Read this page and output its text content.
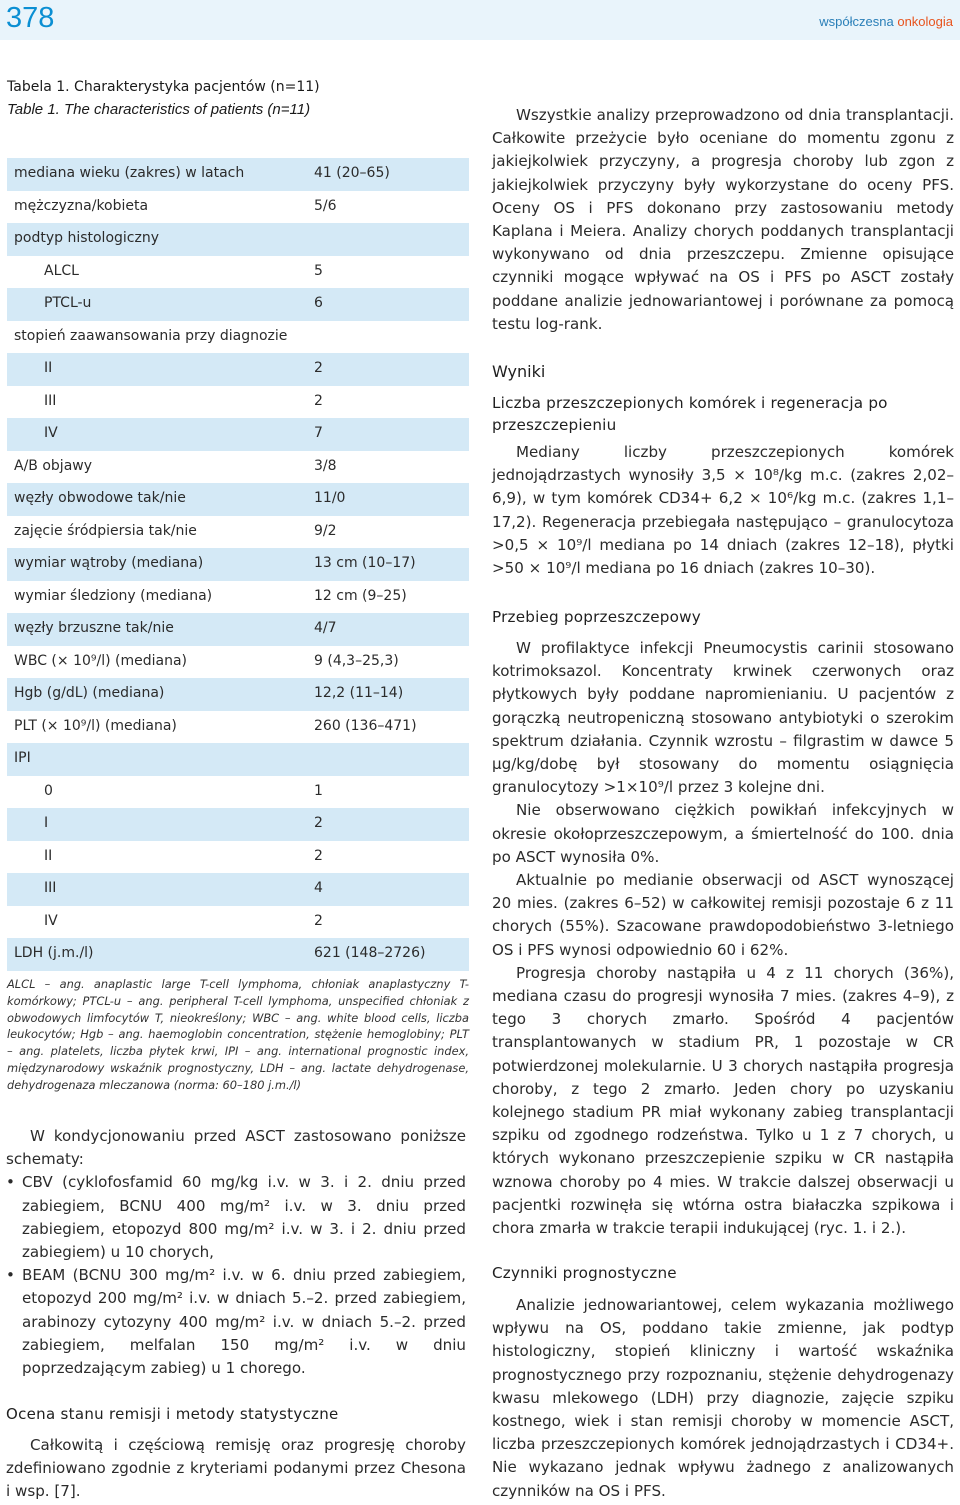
378	współczesna onkologia
Tabela 1. Charakterystyka pacjentów (n=11)
Table 1. The characteristics of patients (n=11)
mediana wieku (zakres) w latach	41 (20–65)
mężczyzna/kobieta	5/6
podtyp histologiczny
ALCL	5
PTCL-u	6
stopień zaawansowania przy diagnozie
II	2
III	2
IV	7
A/B objawy	3/8
węzły obwodowe tak/nie	11/0
zajęcie śródpiersia tak/nie	9/2
wymiar wątroby (mediana)	13 cm (10–17)
wymiar śledziony (mediana)	12 cm (9–25)
węzły brzuszne tak/nie	4/7
WBC (× 10⁹/l) (mediana)	9 (4,3–25,3)
Hgb (g/dL) (mediana)	12,2 (11–14)
PLT (× 10⁹/l) (mediana)	260 (136–471)
IPI
0	1
I	2
II	2
III	4
IV	2
LDH (j.m./l)	621 (148–2726)
ALCL – ang. anaplastic large T-cell lymphoma, chłoniak anaplastyczny T-komórkowy; PTCL-u – ang. peripheral T-cell lymphoma, unspecified chłoniak z obwodowych limfocytów T, nieokreślony; WBC – ang. white blood cells, liczba leukocytów; Hgb – ang. haemoglobin concentration, stężenie hemoglobiny; PLT – ang. platelets, liczba płytek krwi, IPI – ang. international prognostic index, międzynarodowy wskaźnik prognostyczny, LDH – ang. lactate dehydrogenase, dehydrogenaza mleczanowa (norma: 60–180 j.m./l)

W kondycjonowaniu przed ASCT zastosowano poniższe schematy:

• CBV (cyklofosfamid 60 mg/kg i.v. w 3. i 2. dniu przed zabiegiem, BCNU 400 mg/m² i.v. w 3. dniu przed zabiegiem, etopozyd 800 mg/m² i.v. w 3. i 2. dniu przed zabiegiem) u 10 chorych,

• BEAM (BCNU 300 mg/m² i.v. w 6. dniu przed zabiegiem, etopozyd 200 mg/m² i.v. w dniach 5.–2. przed zabiegiem, arabinozy cytozyny 400 mg/m² i.v. w dniach 5.–2. przed zabiegiem, melfalan 150 mg/m² i.v. w dniu poprzedzającym zabieg) u 1 chorego.

Ocena stanu remisji i metody statystyczne

Całkowitą i częściową remisję oraz progresję choroby zdefiniowano zgodnie z kryteriami podanymi przez Chesona i wsp. [7].

Wszystkie analizy przeprowadzono od dnia transplantacji. Całkowite przeżycie było oceniane do momentu zgonu z jakiejkolwiek przyczyny, a progresja choroby lub zgon z jakiejkolwiek przyczyny były wykorzystane do oceny PFS. Oceny OS i PFS dokonano przy zastosowaniu metody Kaplana i Meiera. Analizy chorych poddanych transplantacji wykonywano od dnia przeszczepu. Zmienne opisujące czynniki mogące wpływać na OS i PFS po ASCT zostały poddane analizie jednowariantowej i porównane za pomocą testu log-rank.

Wyniki
Liczba przeszczepionych komórek i regeneracja po przeszczepieniu

Mediany liczby przeszczepionych komórek jednojądrzastych wynosiły 3,5 × 10⁸/kg m.c. (zakres 2,02–6,9), w tym komórek CD34+ 6,2 × 10⁶/kg m.c. (zakres 1,1–17,2). Regeneracja przebiegała następująco – granulocytoza >0,5 × 10⁹/l mediana po 14 dniach (zakres 12–18), płytki >50 × 10⁹/l mediana po 16 dniach (zakres 10–30).

Przebieg poprzeszczepowy

W profilaktyce infekcji Pneumocystis carinii stosowano kotrimoksazol. Koncentraty krwinek czerwonych oraz płytkowych były poddane napromienianiu. U pacjentów z gorączką neutropeniczną stosowano antybiotyki o szerokim spektrum działania. Czynnik wzrostu – filgrastim w dawce 5 µg/kg/dobę był stosowany do momentu osiągnięcia granulocytozy >1×10⁹/l przez 3 kolejne dni.

Nie obserwowano ciężkich powikłań infekcyjnych w okresie okołoprzeszczepowym, a śmiertelność do 100. dnia po ASCT wynosiła 0%.

Aktualnie po medianie obserwacji od ASCT wynoszącej 20 mies. (zakres 6–52) w całkowitej remisji pozostaje 6 z 11 chorych (55%). Szacowane prawdopodobieństwo 3-letniego OS i PFS wynosi odpowiednio 60 i 62%.

Progresja choroby nastąpiła u 4 z 11 chorych (36%), mediana czasu do progresji wynosiła 7 mies. (zakres 4–9), z tego 3 chorych zmarło. Spośród 4 pacjentów transplantowanych w stadium PR, 1 pozostaje w CR potwierdzonej molekularnie. U 3 chorych nastąpiła progresja choroby, z tego 2 zmarło. Jeden chory po uzyskaniu kolejnego stadium PR miał wykonany zabieg transplantacji szpiku od zgodnego rodzeństwa. Tylko u 1 z 7 chorych, u których wykonano przeszczepienie szpiku w CR nastąpiła wznowa choroby po 4 mies. W trakcie dalszej obserwacji u pacjentki rozwinęła się wtórna ostra białaczka szpikowa i chora zmarła w trakcie terapii indukującej (ryc. 1. i 2.).

Czynniki prognostyczne

Analizie jednowariantowej, celem wykazania możliwego wpływu na OS, poddano takie zmienne, jak podtyp histologiczny, stopień kliniczny i wartość wskaźnika prognostycznego przy rozpoznaniu, stężenie dehydrogenazy kwasu mlekowego (LDH) przy diagnozie, zajęcie szpiku kostnego, wiek i stan remisji choroby w momencie ASCT, liczba przeszczepionych komórek jednojądrzastych i CD34+. Nie wykazano jednak wpływu żadnego z analizowanych czynników na OS i PFS.
